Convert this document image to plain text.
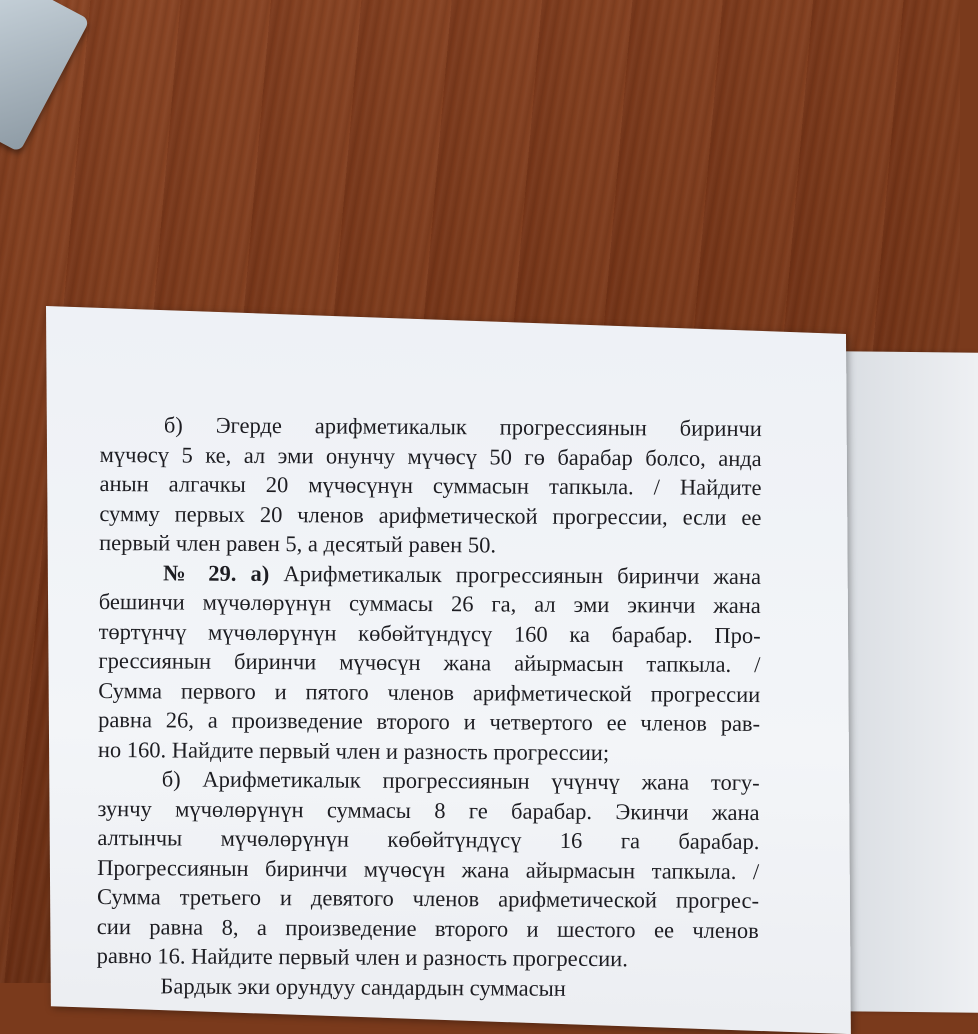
б) Эгерде арифметикалык прогрессиянын биринчи
мүчөсү 5 ке, ал эми онунчу мүчөсү 50 гө барабар болсо, анда
анын алгачкы 20 мүчөсүнүн суммасын тапкыла. / Найдите
сумму первых 20 членов арифметической прогрессии, если ее
первый член равен 5, а десятый равен 50.
№ 29. а) Арифметикалык прогрессиянын биринчи жана
бешинчи мүчөлөрүнүн суммасы 26 га, ал эми экинчи жана
төртүнчү мүчөлөрүнүн көбөйтүндүсү 160 ка барабар. Про-
грессиянын биринчи мүчөсүн жана айырмасын тапкыла. /
Сумма первого и пятого членов арифметической прогрессии
равна 26, а произведение второго и четвертого ее членов рав-
но 160. Найдите первый член и разность прогрессии;
б) Арифметикалык прогрессиянын үчүнчү жана тогу-
зунчу мүчөлөрүнүн суммасы 8 ге барабар. Экинчи жана
алтынчы мүчөлөрүнүн көбөйтүндүсү 16 га барабар.
Прогрессиянын биринчи мүчөсүн жана айырмасын тапкыла. /
Сумма третьего и девятого членов арифметической прогрес-
сии равна 8, а произведение второго и шестого ее членов
равно 16. Найдите первый член и разность прогрессии.
Бардык эки орундуу сандардын суммасын
